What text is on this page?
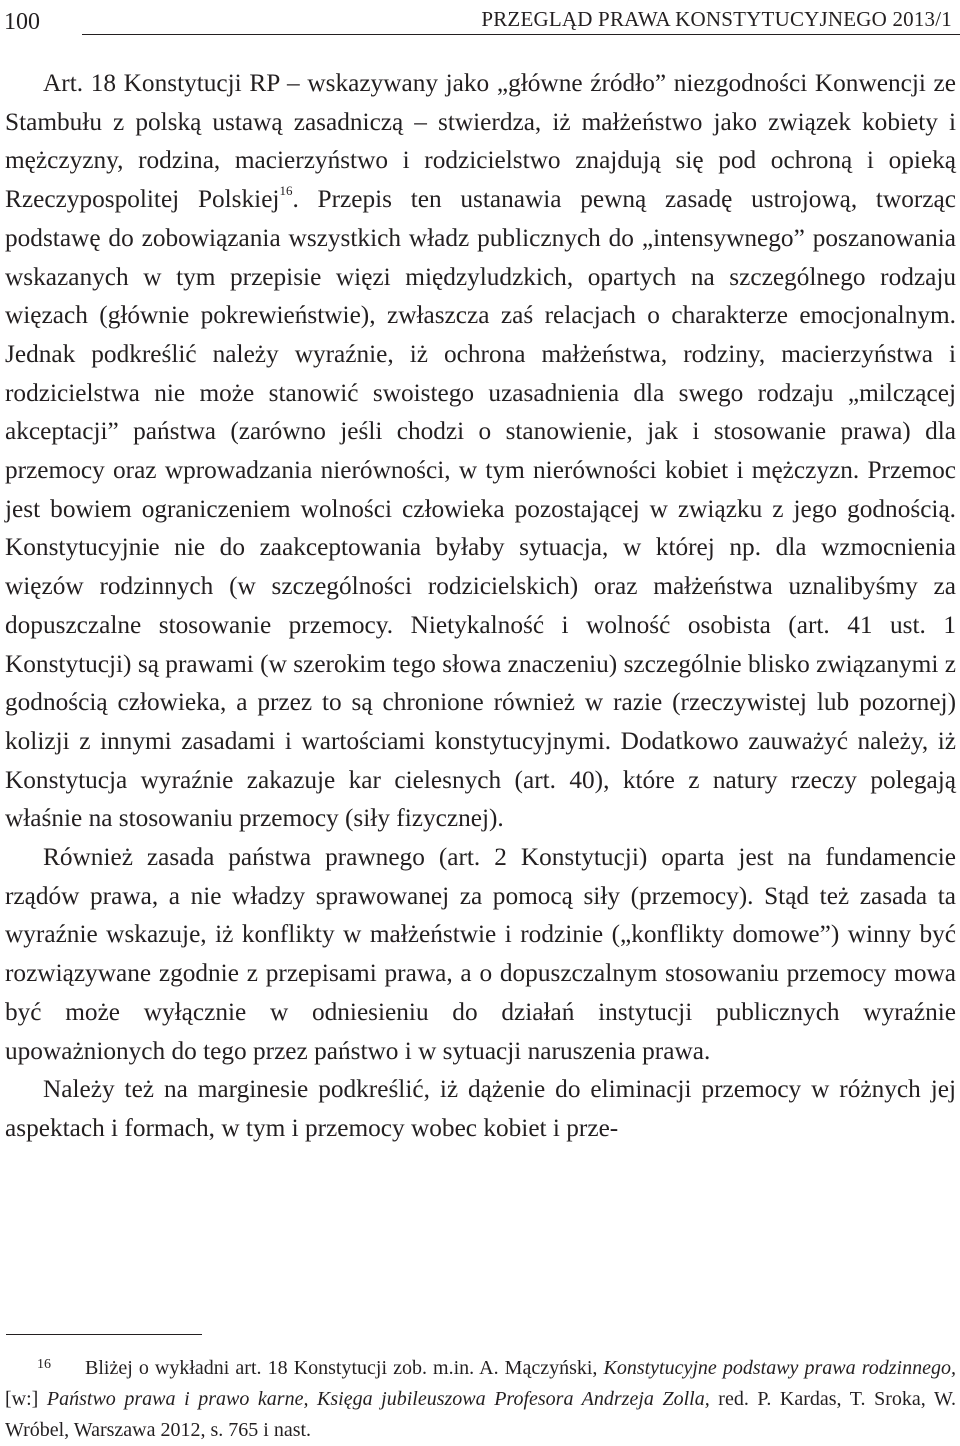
100	PRZEGLĄD PRAWA KONSTYTUCYJNEGO 2013/1

Art. 18 Konstytucji RP – wskazywany jako „główne źródło” niezgodności Konwencji ze Stambułu z polską ustawą zasadniczą – stwierdza, iż małżeństwo jako związek kobiety i mężczyzny, rodzina, macierzyństwo i rodzicielstwo znajdują się pod ochroną i opieką Rzeczypospolitej Polskiej$^{16}$. Przepis ten ustanawia pewną zasadę ustrojową, tworząc podstawę do zobowiązania wszystkich władz publicznych do „intensywnego” poszanowania wskazanych w tym przepisie więzi międzyludzkich, opartych na szczególnego rodzaju więzach (głównie pokrewieństwie), zwłaszcza zaś relacjach o charakterze emocjonalnym. Jednak podkreślić należy wyraźnie, iż ochrona małżeństwa, rodziny, macierzyństwa i rodzicielstwa nie może stanowić swoistego uzasadnienia dla swego rodzaju „milczącej akceptacji” państwa (zarówno jeśli chodzi o stanowienie, jak i stosowanie prawa) dla przemocy oraz wprowadzania nierówności, w tym nierówności kobiet i mężczyzn. Przemoc jest bowiem ograniczeniem wolności człowieka pozostającej w związku z jego godnością. Konstytucyjnie nie do zaakceptowania byłaby sytuacja, w której np. dla wzmocnienia więzów rodzinnych (w szczególności rodzicielskich) oraz małżeństwa uznalibyśmy za dopuszczalne stosowanie przemocy. Nietykalność i wolność osobista (art. 41 ust. 1 Konstytucji) są prawami (w szerokim tego słowa znaczeniu) szczególnie blisko związanymi z godnością człowieka, a przez to są chronione również w razie (rzeczywistej lub pozornej) kolizji z innymi zasadami i wartościami konstytucyjnymi. Dodatkowo zauważyć należy, iż Konstytucja wyraźnie zakazuje kar cielesnych (art. 40), które z natury rzeczy polegają właśnie na stosowaniu przemocy (siły fizycznej).

Również zasada państwa prawnego (art. 2 Konstytucji) oparta jest na fundamencie rządów prawa, a nie władzy sprawowanej za pomocą siły (przemocy). Stąd też zasada ta wyraźnie wskazuje, iż konflikty w małżeństwie i rodzinie („konflikty domowe”) winny być rozwiązywane zgodnie z przepisami prawa, a o dopuszczalnym stosowaniu przemocy mowa być może wyłącznie w odniesieniu do działań instytucji publicznych wyraźnie upoważnionych do tego przez państwo i w sytuacji naruszenia prawa.

Należy też na marginesie podkreślić, iż dążenie do eliminacji przemocy w różnych jej aspektach i formach, w tym i przemocy wobec kobiet i prze-

16 Bliżej o wykładni art. 18 Konstytucji zob. m.in. A. Mączyński, Konstytucyjne podstawy prawa rodzinnego, [w:] Państwo prawa i prawo karne, Księga jubileuszowa Profesora Andrzeja Zolla, red. P. Kardas, T. Sroka, W. Wróbel, Warszawa 2012, s. 765 i nast.
